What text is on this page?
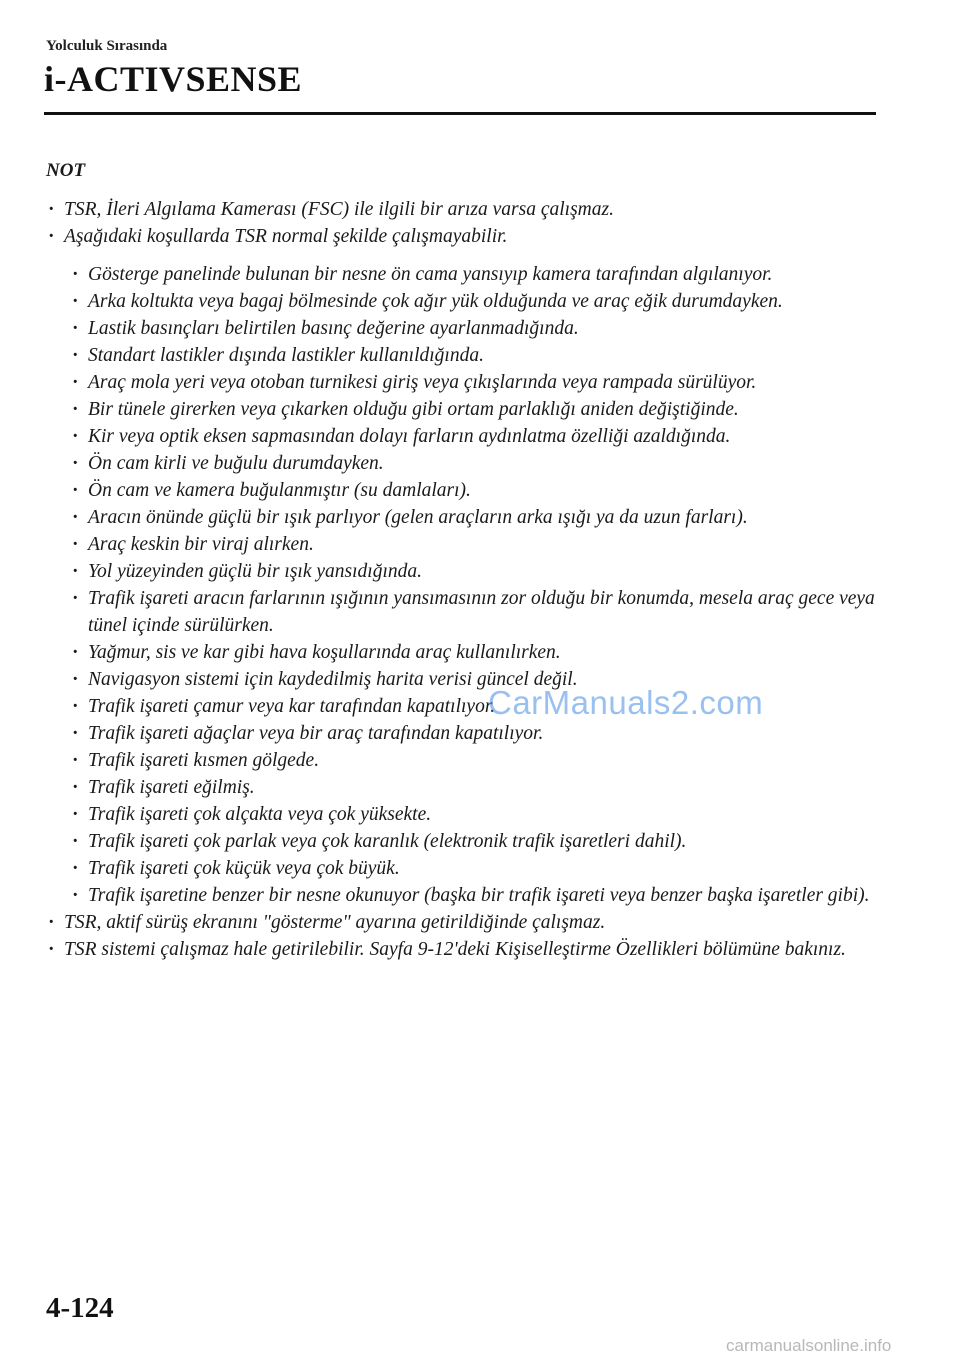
Yolculuk Sırasında
i-ACTIVSENSE
NOT
· TSR, İleri Algılama Kamerası (FSC) ile ilgili bir arıza varsa çalışmaz.
· Aşağıdaki koşullarda TSR normal şekilde çalışmayabilir.
· Gösterge panelinde bulunan bir nesne ön cama yansıyıp kamera tarafından algılanıyor.
· Arka koltukta veya bagaj bölmesinde çok ağır yük olduğunda ve araç eğik durumdayken.
· Lastik basınçları belirtilen basınç değerine ayarlanmadığında.
· Standart lastikler dışında lastikler kullanıldığında.
· Araç mola yeri veya otoban turnikesi giriş veya çıkışlarında veya rampada sürülüyor.
· Bir tünele girerken veya çıkarken olduğu gibi ortam parlaklığı aniden değiştiğinde.
· Kir veya optik eksen sapmasından dolayı farların aydınlatma özelliği azaldığında.
· Ön cam kirli ve buğulu durumdayken.
· Ön cam ve kamera buğulanmıştır (su damlaları).
· Aracın önünde güçlü bir ışık parlıyor (gelen araçların arka ışığı ya da uzun farları).
· Araç keskin bir viraj alırken.
· Yol yüzeyinden güçlü bir ışık yansıdığında.
· Trafik işareti aracın farlarının ışığının yansımasının zor olduğu bir konumda, mesela araç gece veya tünel içinde sürülürken.
· Yağmur, sis ve kar gibi hava koşullarında araç kullanılırken.
· Navigasyon sistemi için kaydedilmiş harita verisi güncel değil.
· Trafik işareti çamur veya kar tarafından kapatılıyor.
· Trafik işareti ağaçlar veya bir araç tarafından kapatılıyor.
· Trafik işareti kısmen gölgede.
· Trafik işareti eğilmiş.
· Trafik işareti çok alçakta veya çok yüksekte.
· Trafik işareti çok parlak veya çok karanlık (elektronik trafik işaretleri dahil).
· Trafik işareti çok küçük veya çok büyük.
· Trafik işaretine benzer bir nesne okunuyor (başka bir trafik işareti veya benzer başka işaretler gibi).
· TSR, aktif sürüş ekranını "gösterme" ayarına getirildiğinde çalışmaz.
· TSR sistemi çalışmaz hale getirilebilir. Sayfa 9-12'deki Kişiselleştirme Özellikleri bölümüne bakınız.
CarManuals2.com
4-124
carmanualsonline.info
